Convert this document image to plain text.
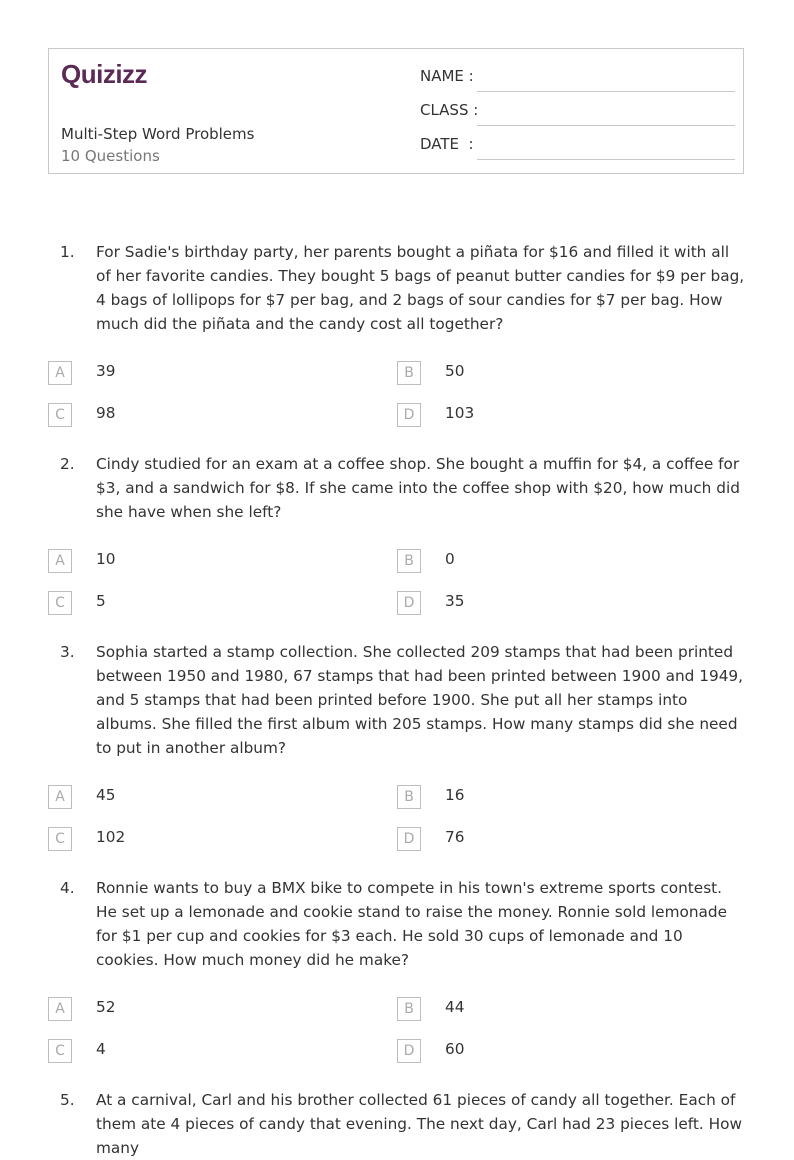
Quizizz
Multi-Step Word Problems
10 Questions
NAME :
CLASS :
DATE  :
1. For Sadie's birthday party, her parents bought a piñata for $16 and filled it with all of her favorite candies. They bought 5 bags of peanut butter candies for $9 per bag, 4 bags of lollipops for $7 per bag, and 2 bags of sour candies for $7 per bag. How much did the piñata and the candy cost all together?
A	39	B	50
C	98	D	103
2. Cindy studied for an exam at a coffee shop. She bought a muffin for $4, a coffee for $3, and a sandwich for $8. If she came into the coffee shop with $20, how much did she have when she left?
A	10	B	0
C	5	D	35
3. Sophia started a stamp collection. She collected 209 stamps that had been printed between 1950 and 1980, 67 stamps that had been printed between 1900 and 1949, and 5 stamps that had been printed before 1900. She put all her stamps into albums. She filled the first album with 205 stamps. How many stamps did she need to put in another album?
A	45	B	16
C	102	D	76
4. Ronnie wants to buy a BMX bike to compete in his town's extreme sports contest. He set up a lemonade and cookie stand to raise the money. Ronnie sold lemonade for $1 per cup and cookies for $3 each. He sold 30 cups of lemonade and 10 cookies. How much money did he make?
A	52	B	44
C	4	D	60
5. At a carnival, Carl and his brother collected 61 pieces of candy all together. Each of them ate 4 pieces of candy that evening. The next day, Carl had 23 pieces left. How many
